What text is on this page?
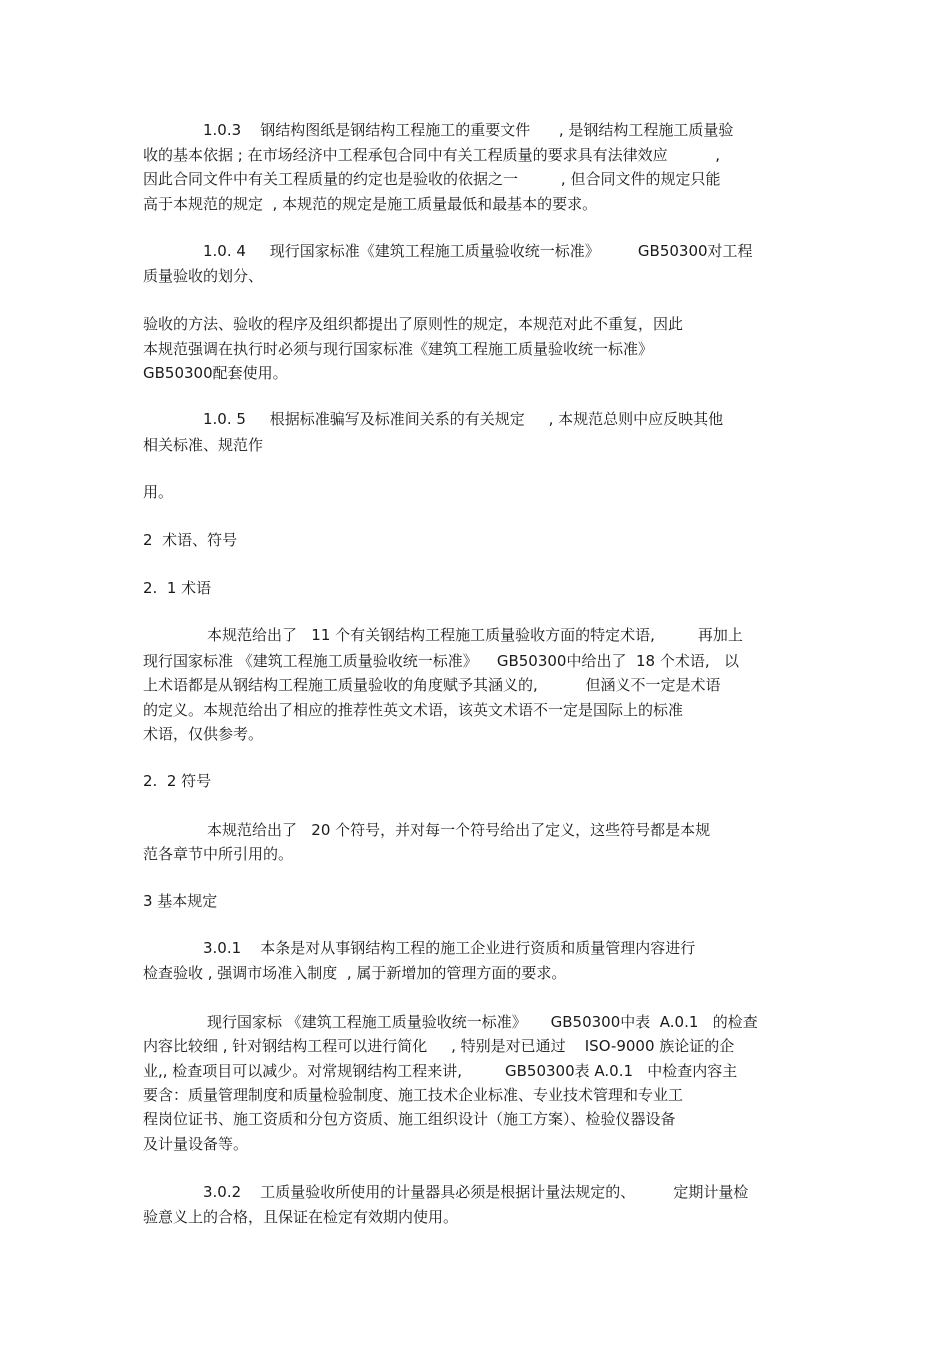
1.0.3    钢结构图纸是钢结构工程施工的重要文件      , 是钢结构工程施工质量验
收的基本依据 ; 在市场经济中工程承包合同中有关工程质量的要求具有法律效应          ,
因此合同文件中有关工程质量的约定也是验收的依据之一         , 但合同文件的规定只能
高于本规范的规定  , 本规范的规定是施工质量最低和最基本的要求。
1.0. 4     现行国家标准《建筑工程施工质量验收统一标准》        GB50300对工程
质量验收的划分、
验收的方法、验收的程序及组织都提出了原则性的规定，本规范对此不重复，因此
本规范强调在执行时必须与现行国家标准《建筑工程施工质量验收统一标准》
GB50300配套使用。
1.0. 5     根据标准骗写及标准间关系的有关规定     , 本规范总则中应反映其他
相关标准、规范作
用。
2  术语、符号
2.  1 术语
本规范给出了   11 个有关钢结构工程施工质量验收方面的特定术语,         再加上
现行国家标准 《建筑工程施工质量验收统一标准》    GB50300中给出了  18 个术语,   以
上术语都是从钢结构工程施工质量验收的角度赋予其涵义的,          但涵义不一定是术语
的定义。本规范给出了相应的推荐性英文术语，该英文术语不一定是国际上的标准
术语，仅供参考。
2.  2 符号
本规范给出了   20 个符号，并对每一个符号给出了定义，这些符号都是本规
范各章节中所引用的。
3 基本规定
3.0.1    本条是对从事钢结构工程的施工企业进行资质和质量管理内容进行
检查验收 , 强调市场准入制度  , 属于新增加的管理方面的要求。
现行国家标 《建筑工程施工质量验收统一标准》     GB50300中表  A.0.1   的检查
内容比较细 , 针对钢结构工程可以进行简化     , 特别是对已通过    ISO-9000 族论证的企
业,, 检查项目可以减少。对常规钢结构工程来讲,         GB50300表 A.0.1   中检查内容主
要含：质量管理制度和质量检验制度、施工技术企业标准、专业技术管理和专业工
程岗位证书、施工资质和分包方资质、施工组织设计（施工方案）、检验仪器设备
及计量设备等。
3.0.2    工质量验收所使用的计量器具必须是根据计量法规定的、        定期计量检
验意义上的合格，且保证在检定有效期内使用。
